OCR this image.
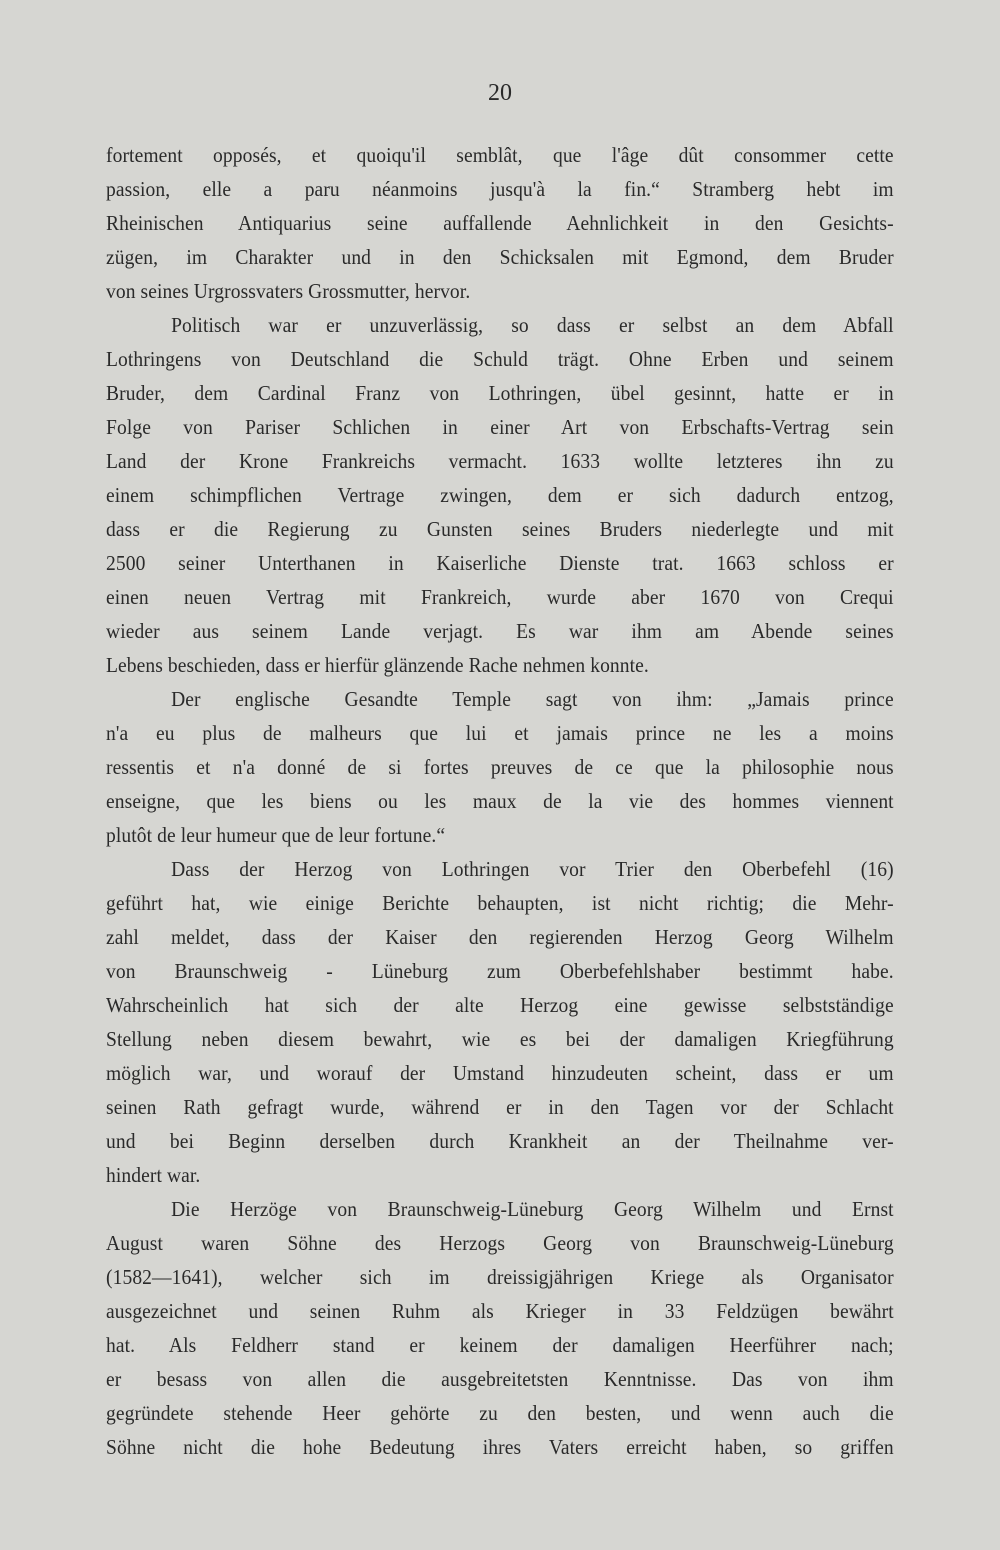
20
fortement opposés, et quoiqu'il semblât, que l'âge dût consommer cette
passion, elle a paru néanmoins jusqu'à la fin.“ Stramberg hebt im
Rheinischen Antiquarius seine auffallende Aehnlichkeit in den Gesichts-
zügen, im Charakter und in den Schicksalen mit Egmond, dem Bruder
von seines Urgrossvaters Grossmutter, hervor.
Politisch war er unzuverlässig, so dass er selbst an dem Abfall
Lothringens von Deutschland die Schuld trägt. Ohne Erben und seinem
Bruder, dem Cardinal Franz von Lothringen, übel gesinnt, hatte er in
Folge von Pariser Schlichen in einer Art von Erbschafts-Vertrag sein
Land der Krone Frankreichs vermacht. 1633 wollte letzteres ihn zu
einem schimpflichen Vertrage zwingen, dem er sich dadurch entzog,
dass er die Regierung zu Gunsten seines Bruders niederlegte und mit
2500 seiner Unterthanen in Kaiserliche Dienste trat. 1663 schloss er
einen neuen Vertrag mit Frankreich, wurde aber 1670 von Crequi
wieder aus seinem Lande verjagt. Es war ihm am Abende seines
Lebens beschieden, dass er hierfür glänzende Rache nehmen konnte.
Der englische Gesandte Temple sagt von ihm: „Jamais prince
n'a eu plus de malheurs que lui et jamais prince ne les a moins
ressentis et n'a donné de si fortes preuves de ce que la philosophie nous
enseigne, que les biens ou les maux de la vie des hommes viennent
plutôt de leur humeur que de leur fortune.“
Dass der Herzog von Lothringen vor Trier den Oberbefehl (16)
geführt hat, wie einige Berichte behaupten, ist nicht richtig; die Mehr-
zahl meldet, dass der Kaiser den regierenden Herzog Georg Wilhelm
von Braunschweig - Lüneburg zum Oberbefehlshaber bestimmt habe.
Wahrscheinlich hat sich der alte Herzog eine gewisse selbstständige
Stellung neben diesem bewahrt, wie es bei der damaligen Kriegführung
möglich war, und worauf der Umstand hinzudeuten scheint, dass er um
seinen Rath gefragt wurde, während er in den Tagen vor der Schlacht
und bei Beginn derselben durch Krankheit an der Theilnahme ver-
hindert war.
Die Herzöge von Braunschweig-Lüneburg Georg Wilhelm und Ernst
August waren Söhne des Herzogs Georg von Braunschweig-Lüneburg
(1582—1641), welcher sich im dreissigjährigen Kriege als Organisator
ausgezeichnet und seinen Ruhm als Krieger in 33 Feldzügen bewährt
hat. Als Feldherr stand er keinem der damaligen Heerführer nach;
er besass von allen die ausgebreitetsten Kenntnisse. Das von ihm
gegründete stehende Heer gehörte zu den besten, und wenn auch die
Söhne nicht die hohe Bedeutung ihres Vaters erreicht haben, so griffen
